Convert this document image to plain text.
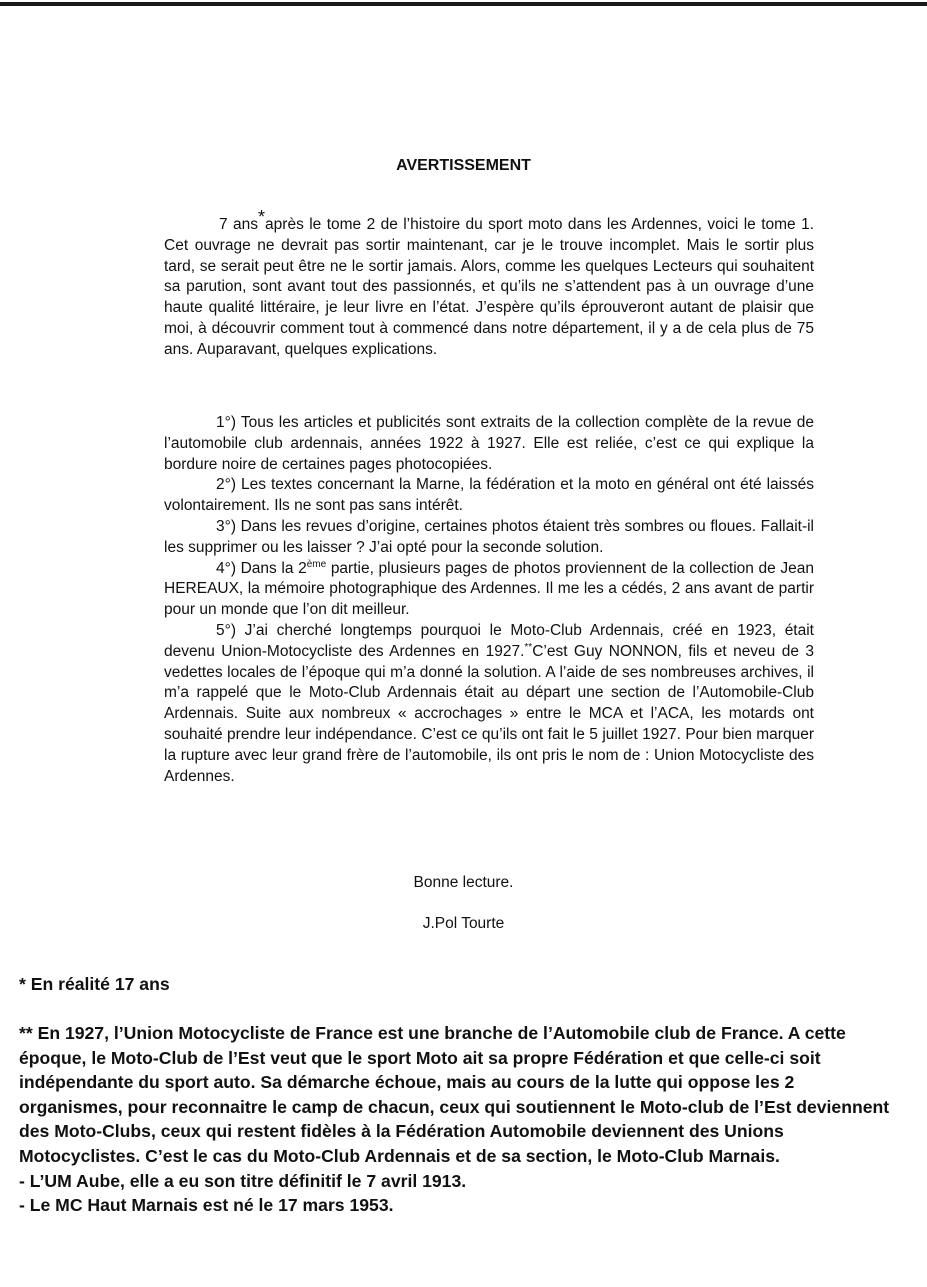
AVERTISSEMENT

7 ans*après le tome 2 de l’histoire du sport moto dans les Ardennes, voici le tome 1. Cet ouvrage ne devrait pas sortir maintenant, car je le trouve incomplet. Mais le sortir plus tard, se serait peut être ne le sortir jamais. Alors, comme les quelques Lecteurs qui souhaitent sa parution, sont avant tout des passionnés, et qu’ils ne s’attendent pas à un ouvrage d’une haute qualité littéraire, je leur livre en l’état. J’espère qu’ils éprouveront autant de plaisir que moi, à découvrir comment tout à commencé dans notre département, il y a de cela plus de 75 ans. Auparavant, quelques explications.

1°) Tous les articles et publicités sont extraits de la collection complète de la revue de l’automobile club ardennais, années 1922 à 1927. Elle est reliée, c’est ce qui explique la bordure noire de certaines pages photocopiées.

2°) Les textes concernant la Marne, la fédération et la moto en général ont été laissés volontairement. Ils ne sont pas sans intérêt.

3°) Dans les revues d’origine, certaines photos étaient très sombres ou floues. Fallait-il les supprimer ou les laisser ? J’ai opté pour la seconde solution.

4°) Dans la 2ème partie, plusieurs pages de photos proviennent de la collection de Jean HEREAUX, la mémoire photographique des Ardennes. Il me les a cédés, 2 ans avant de partir pour un monde que l’on dit meilleur.

5°) J’ai cherché longtemps pourquoi le Moto-Club Ardennais, créé en 1923, était devenu Union-Motocycliste des Ardennes en 1927.**C’est Guy NONNON, fils et neveu de 3 vedettes locales de l’époque qui m’a donné la solution. A l’aide de ses nombreuses archives, il m’a rappelé que le Moto-Club Ardennais était au départ une section de l’Automobile-Club Ardennais. Suite aux nombreux « accrochages » entre le MCA et l’ACA, les motards ont souhaité prendre leur indépendance. C’est ce qu’ils ont fait le 5 juillet 1927. Pour bien marquer la rupture avec leur grand frère de l’automobile, ils ont pris le nom de : Union Motocycliste des Ardennes.

Bonne lecture.
J.Pol Tourte
* En réalité 17 ans

** En 1927, l’Union Motocycliste de France est une branche de l’Automobile club de France. A cette époque, le Moto-Club de l’Est veut que le sport Moto ait sa propre Fédération et que celle-ci soit indépendante du sport auto. Sa démarche échoue, mais au cours de la lutte qui oppose les 2 organismes, pour reconnaitre le camp de chacun, ceux qui soutiennent le Moto-club de l’Est deviennent des Moto-Clubs, ceux qui restent fidèles à la Fédération Automobile deviennent des Unions Motocyclistes. C’est le cas du Moto-Club Ardennais et de sa section, le Moto-Club Marnais.

- L’UM Aube, elle a eu son titre définitif le 7 avril 1913.

- Le MC Haut Marnais est né le 17 mars 1953.
